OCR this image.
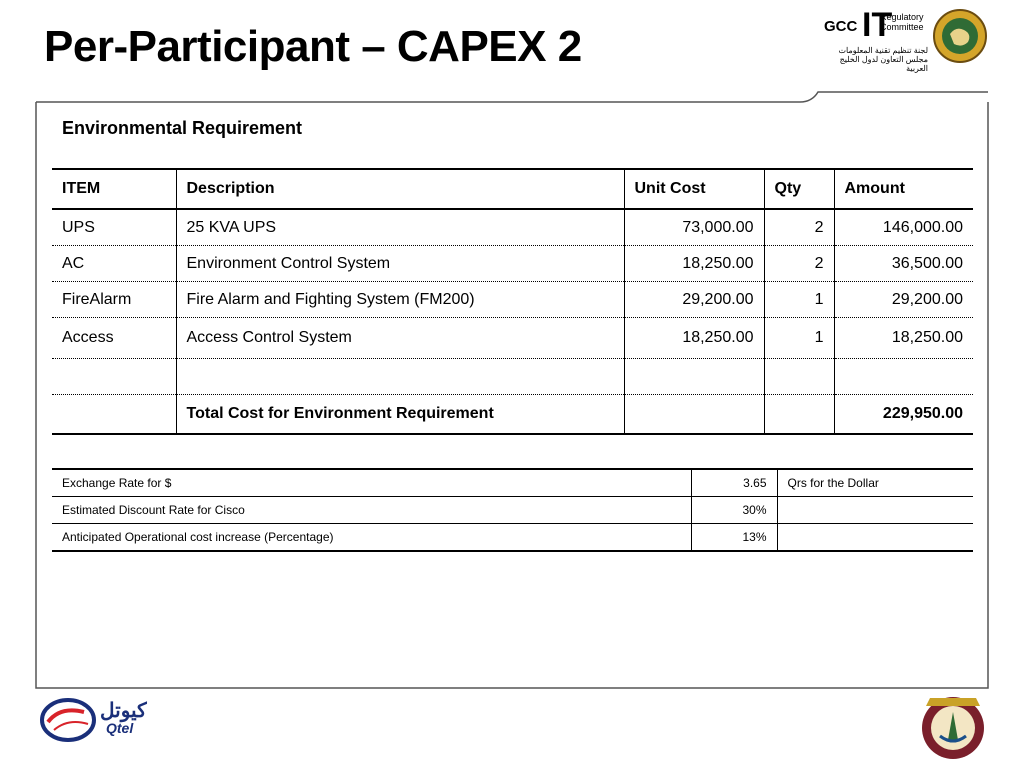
Per-Participant – CAPEX 2	GCC IT
Regulatory
Committee
لجنة تنظيم تقنية المعلومات
مجلس التعاون لدول الخليج العربية
Environmental Requirement
ITEM	Description	Unit Cost	Qty	Amount
UPS	25 KVA UPS	73,000.00	2	146,000.00
AC	Environment Control System	18,250.00	2	36,500.00
FireAlarm	Fire Alarm and Fighting System (FM200)	29,200.00	1	29,200.00
Access	Access Control System	18,250.00	1	18,250.00

	Total Cost for Environment Requirement			229,950.00
Exchange Rate for $	3.65	Qrs for the Dollar
Estimated Discount Rate for Cisco	30%	
Anticipated Operational cost increase (Percentage)	13%	
كيوتل
Qtel
